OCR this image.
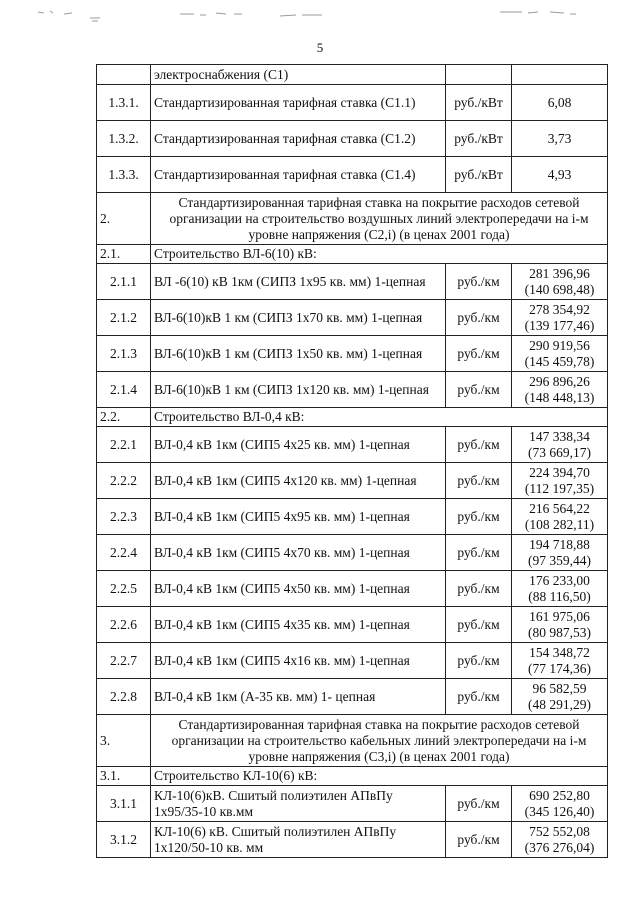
5
	электроснабжения (С1)		
1.3.1.	Стандартизированная тарифная ставка (С1.1)	руб./кВт	6,08
1.3.2.	Стандартизированная тарифная ставка (С1.2)	руб./кВт	3,73
1.3.3.	Стандартизированная тарифная ставка (С1.4)	руб./кВт	4,93
2.	Стандартизированная тарифная ставка на покрытие расходов сетевой организации на строительство воздушных линий электропередачи на i-м уровне напряжения (С2,i) (в ценах 2001 года)		
2.1.	Строительство ВЛ-6(10) кВ:		
2.1.1	ВЛ -6(10) кВ 1км (СИПЗ 1х95 кв. мм) 1-цепная	руб./км	281 396,96
(140 698,48)

2.1.2	ВЛ-6(10)кВ 1 км (СИПЗ 1х70 кв. мм) 1-цепная	руб./км	278 354,92
(139 177,46)

2.1.3	ВЛ-6(10)кВ 1 км (СИПЗ 1х50 кв. мм) 1-цепная	руб./км	290 919,56
(145 459,78)

2.1.4	ВЛ-6(10)кВ 1 км (СИПЗ 1х120 кв. мм) 1-цепная	руб./км	296 896,26
(148 448,13)

2.2.	Строительство ВЛ-0,4 кВ:		
2.2.1	ВЛ-0,4 кВ 1км (СИП5 4х25 кв. мм) 1-цепная	руб./км	147 338,34
(73 669,17)

2.2.2	ВЛ-0,4 кВ 1км (СИП5 4х120 кв. мм) 1-цепная	руб./км	224 394,70
(112 197,35)

2.2.3	ВЛ-0,4 кВ 1км (СИП5 4х95 кв. мм) 1-цепная	руб./км	216 564,22
(108 282,11)

2.2.4	ВЛ-0,4 кВ 1км (СИП5 4х70 кв. мм) 1-цепная	руб./км	194 718,88
(97 359,44)

2.2.5	ВЛ-0,4 кВ 1км (СИП5 4х50 кв. мм) 1-цепная	руб./км	176 233,00
(88 116,50)

2.2.6	ВЛ-0,4 кВ 1км (СИП5 4х35 кв. мм) 1-цепная	руб./км	161 975,06
(80 987,53)

2.2.7	ВЛ-0,4 кВ 1км (СИП5 4х16 кв. мм) 1-цепная	руб./км	154 348,72
(77 174,36)

2.2.8	ВЛ-0,4 кВ 1км (А-35 кв. мм) 1- цепная	руб./км	96 582,59
(48 291,29)

3.	Стандартизированная тарифная ставка на покрытие расходов сетевой организации на строительство кабельных линий электропередачи на i-м уровне напряжения (С3,i) (в ценах 2001 года)		
3.1.	Строительство КЛ-10(6) кВ:		
3.1.1	КЛ-10(6)кВ. Сшитый полиэтилен АПвПу 1х95/35-10 кв.мм	руб./км	690 252,80
(345 126,40)

3.1.2	КЛ-10(6) кВ. Сшитый полиэтилен АПвПу 1х120/50-10 кв. мм	руб./км	752 552,08
(376 276,04)
